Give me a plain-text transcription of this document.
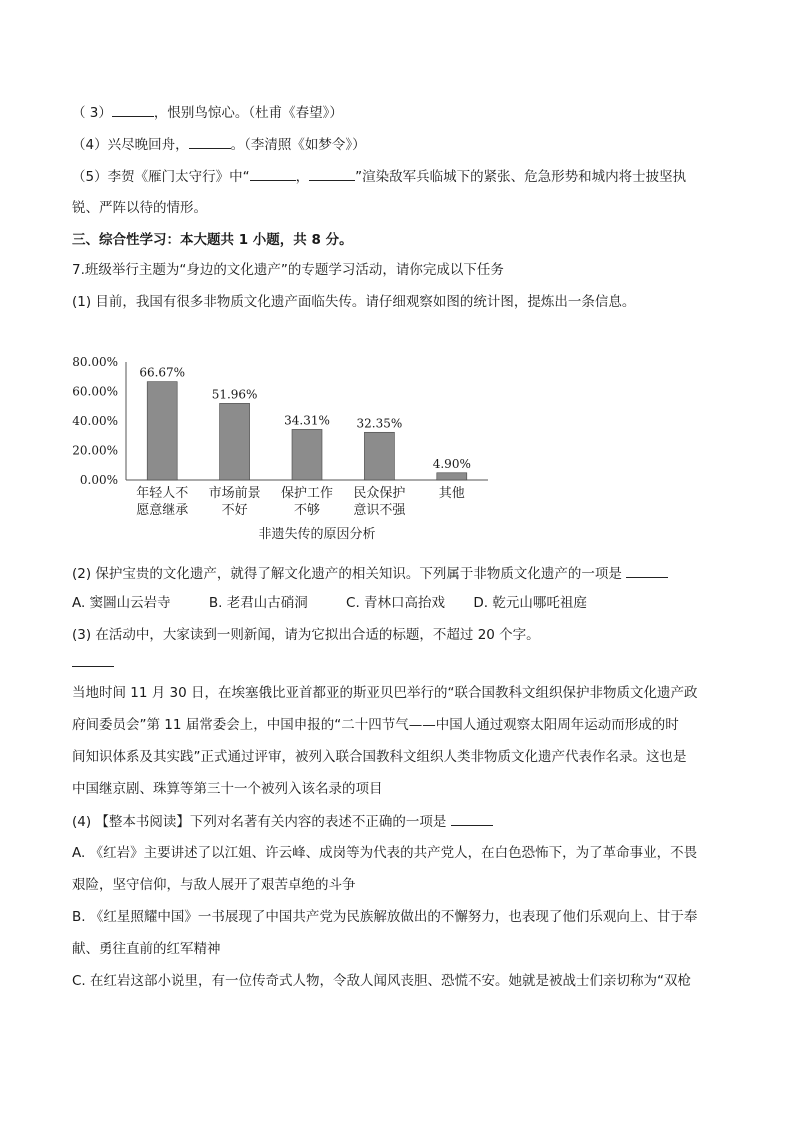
（ 3）	，恨别鸟惊心。（杜甫《春望》）
（4）兴尽晚回舟，	。（李清照《如梦令》）
（5）李贺《雁门太守行》中“	，	”渲染敌军兵临城下的紧张、危急形势和城内将士披坚执
锐、严阵以待的情形。
三、综合性学习：本大题共 1 小题，共 8 分。
7.班级举行主题为“身边的文化遗产”的专题学习活动，请你完成以下任务
(1) 目前，我国有很多非物质文化遗产面临失传。请仔细观察如图的统计图，提炼出一条信息。
0.00%
20.00%
40.00%
60.00%
80.00%
66.67%
年轻人不
愿意继承
51.96%
市场前景
不好
34.31%
保护工作
不够
32.35%
民众保护
意识不强
4.90%
其他
非遗失传的原因分析
(2) 保护宝贵的文化遗产，就得了解文化遗产的相关知识。下列属于非物质文化遗产的一项是
A. 窦圌山云岩寺	B. 老君山古硝洞	C. 青林口高抬戏 D. 乾元山哪吒祖庭
(3) 在活动中，大家读到一则新闻，请为它拟出合适的标题，不超过 20 个字。
当地时间 11 月 30 日，在埃塞俄比亚首都亚的斯亚贝巴举行的“联合国教科文组织保护非物质文化遗产政
府间委员会”第 11 届常委会上，中国申报的“二十四节气——中国人通过观察太阳周年运动而形成的时
间知识体系及其实践”正式通过评审，被列入联合国教科文组织人类非物质文化遗产代表作名录。这也是
中国继京剧、珠算等第三十一个被列入该名录的项目
(4) 【整本书阅读】下列对名著有关内容的表述不正确的一项是
A. 《红岩》主要讲述了以江姐、许云峰、成岗等为代表的共产党人，在白色恐怖下，为了革命事业，不畏
艰险，坚守信仰，与敌人展开了艰苦卓绝的斗争
B. 《红星照耀中国》一书展现了中国共产党为民族解放做出的不懈努力，也表现了他们乐观向上、甘于奉
献、勇往直前的红军精神
C. 在红岩这部小说里，有一位传奇式人物，令敌人闻风丧胆、恐慌不安。她就是被战士们亲切称为“双枪
